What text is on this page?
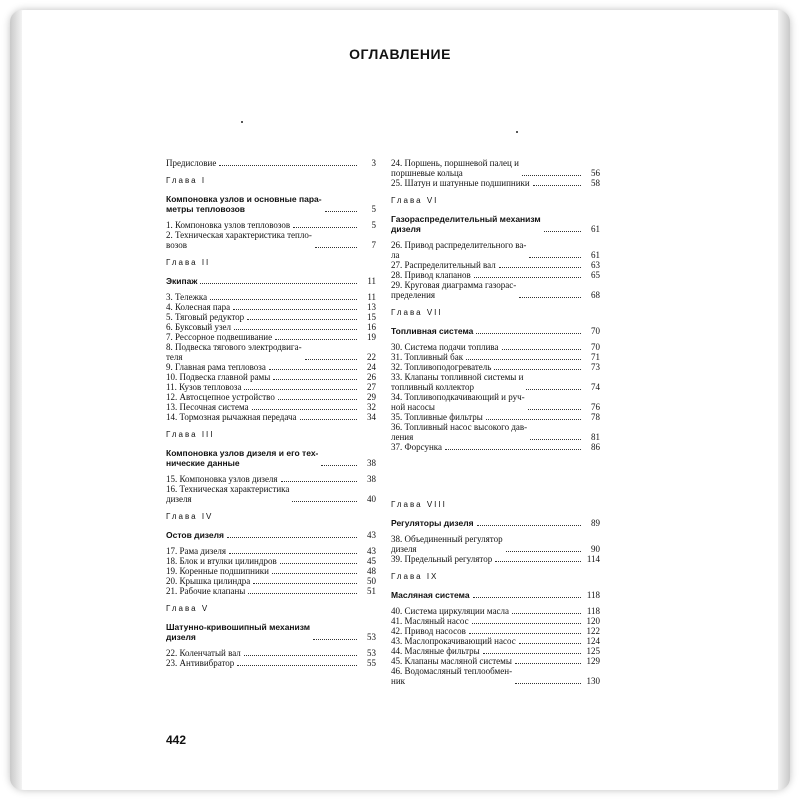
ОГЛАВЛЕНИЕ
Предисловие	3
Глава I
Компоновка узлов и основные пара-
метры тепловозов	5
1. Компоновка узлов тепловозов	5
2. Техническая характеристика тепло-
возов	7
Глава II
Экипаж	11
3. Тележка	11
4. Колесная пара	13
5. Тяговый редуктор	15
6. Буксовый узел	16
7. Рессорное подвешивание	19
8. Подвеска тягового электродвига-
теля	22
9. Главная рама тепловоза	24
10. Подвеска главной рамы	26
11. Кузов тепловоза	27
12. Автосцепное устройство	29
13. Песочная система	32
14. Тормозная рычажная передача	34
Глава III
Компоновка узлов дизеля и его тех-
нические данные	38
15. Компоновка узлов дизеля	38
16. Техническая характеристика
дизеля	40
Глава IV
Остов дизеля	43
17. Рама дизеля	43
18. Блок и втулки цилиндров	45
19. Коренные подшипники	48
20. Крышка цилиндра	50
21. Рабочие клапаны	51
Глава V
Шатунно-кривошипный механизм
дизеля	53
22. Коленчатый вал	53
23. Антивибратор	55
24. Поршень, поршневой палец и
поршневые кольца	56
25. Шатун и шатунные подшипники	58
Глава VI
Газораспределительный механизм
дизеля	61
26. Привод распределительного ва-
ла	61
27. Распределительный вал	63
28. Привод клапанов	65
29. Круговая диаграмма газорас-
пределения	68
Глава VII
Топливная система	70
30. Система подачи топлива	70
31. Топливный бак	71
32. Топливоподогреватель	73
33. Клапаны топливной системы и
топливный коллектор	74
34. Топливоподкачивающий и руч-
ной насосы	76
35. Топливные фильтры	78
36. Топливный насос высокого дав-
ления	81
37. Форсунка	86
Глава VIII
Регуляторы дизеля	89
38. Объединенный регулятор
дизеля	90
39. Предельный регулятор	114
Глава IX
Масляная система	118
40. Система циркуляции масла	118
41. Масляный насос	120
42. Привод насосов	122
43. Маслопрокачивающий насос	124
44. Масляные фильтры	125
45. Клапаны масляной системы	129
46. Водомасляный теплообмен-
ник	130
442
